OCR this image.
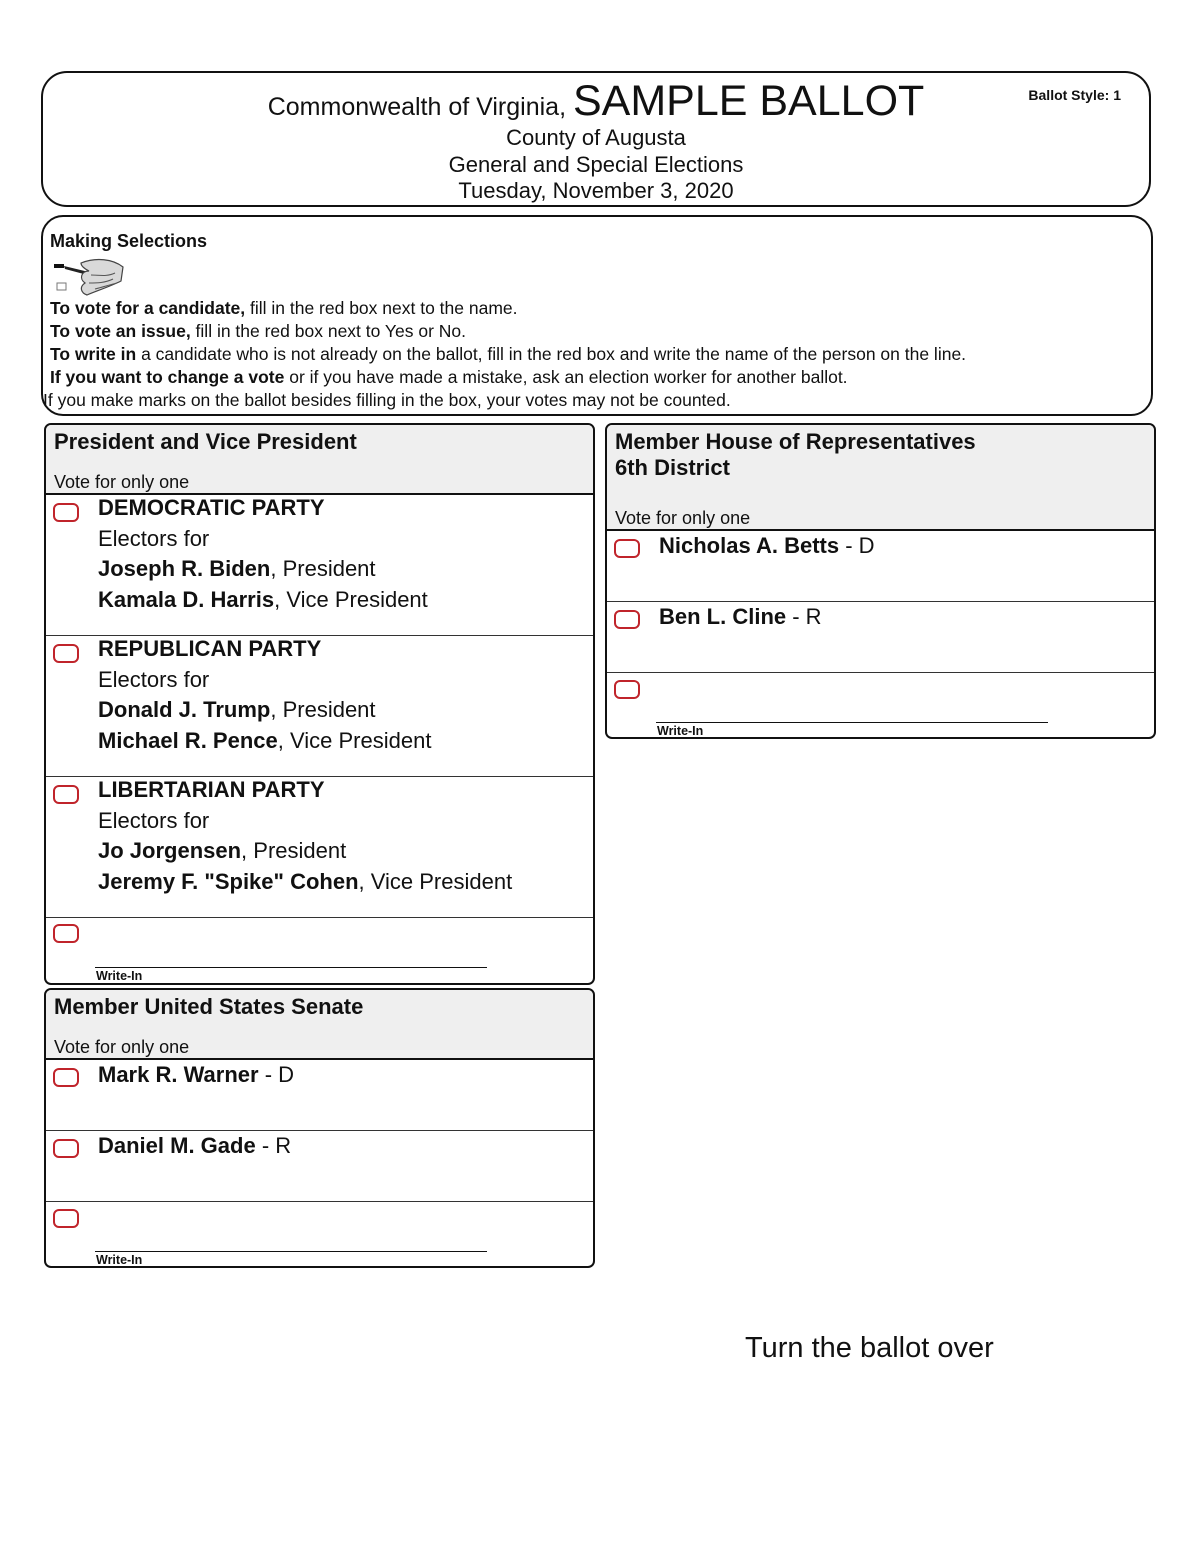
Commonwealth of Virginia, SAMPLE BALLOT	Ballot Style: 1
County of Augusta
General and Special Elections
Tuesday, November 3, 2020
Making Selections
To vote for a candidate, fill in the red box next to the name.
To vote an issue, fill in the red box next to Yes or No.
To write in a candidate who is not already on the ballot, fill in the red box and write the name of the person on the line.
If you want to change a vote or if you have made a mistake, ask an election worker for another ballot.
If you make marks on the ballot besides filling in the box, your votes may not be counted.
President and Vice President
Vote for only one
DEMOCRATIC PARTY
Electors for
Joseph R. Biden, President
Kamala D. Harris, Vice President
REPUBLICAN PARTY
Electors for
Donald J. Trump, President
Michael R. Pence, Vice President
LIBERTARIAN PARTY
Electors for
Jo Jorgensen, President
Jeremy F. "Spike" Cohen, Vice President
Write-In
Member United States Senate
Vote for only one
Mark R. Warner - D
Daniel M. Gade - R
Write-In
Member House of Representatives
6th District
Vote for only one
Nicholas A. Betts - D
Ben L. Cline - R
Write-In
Turn the ballot over
